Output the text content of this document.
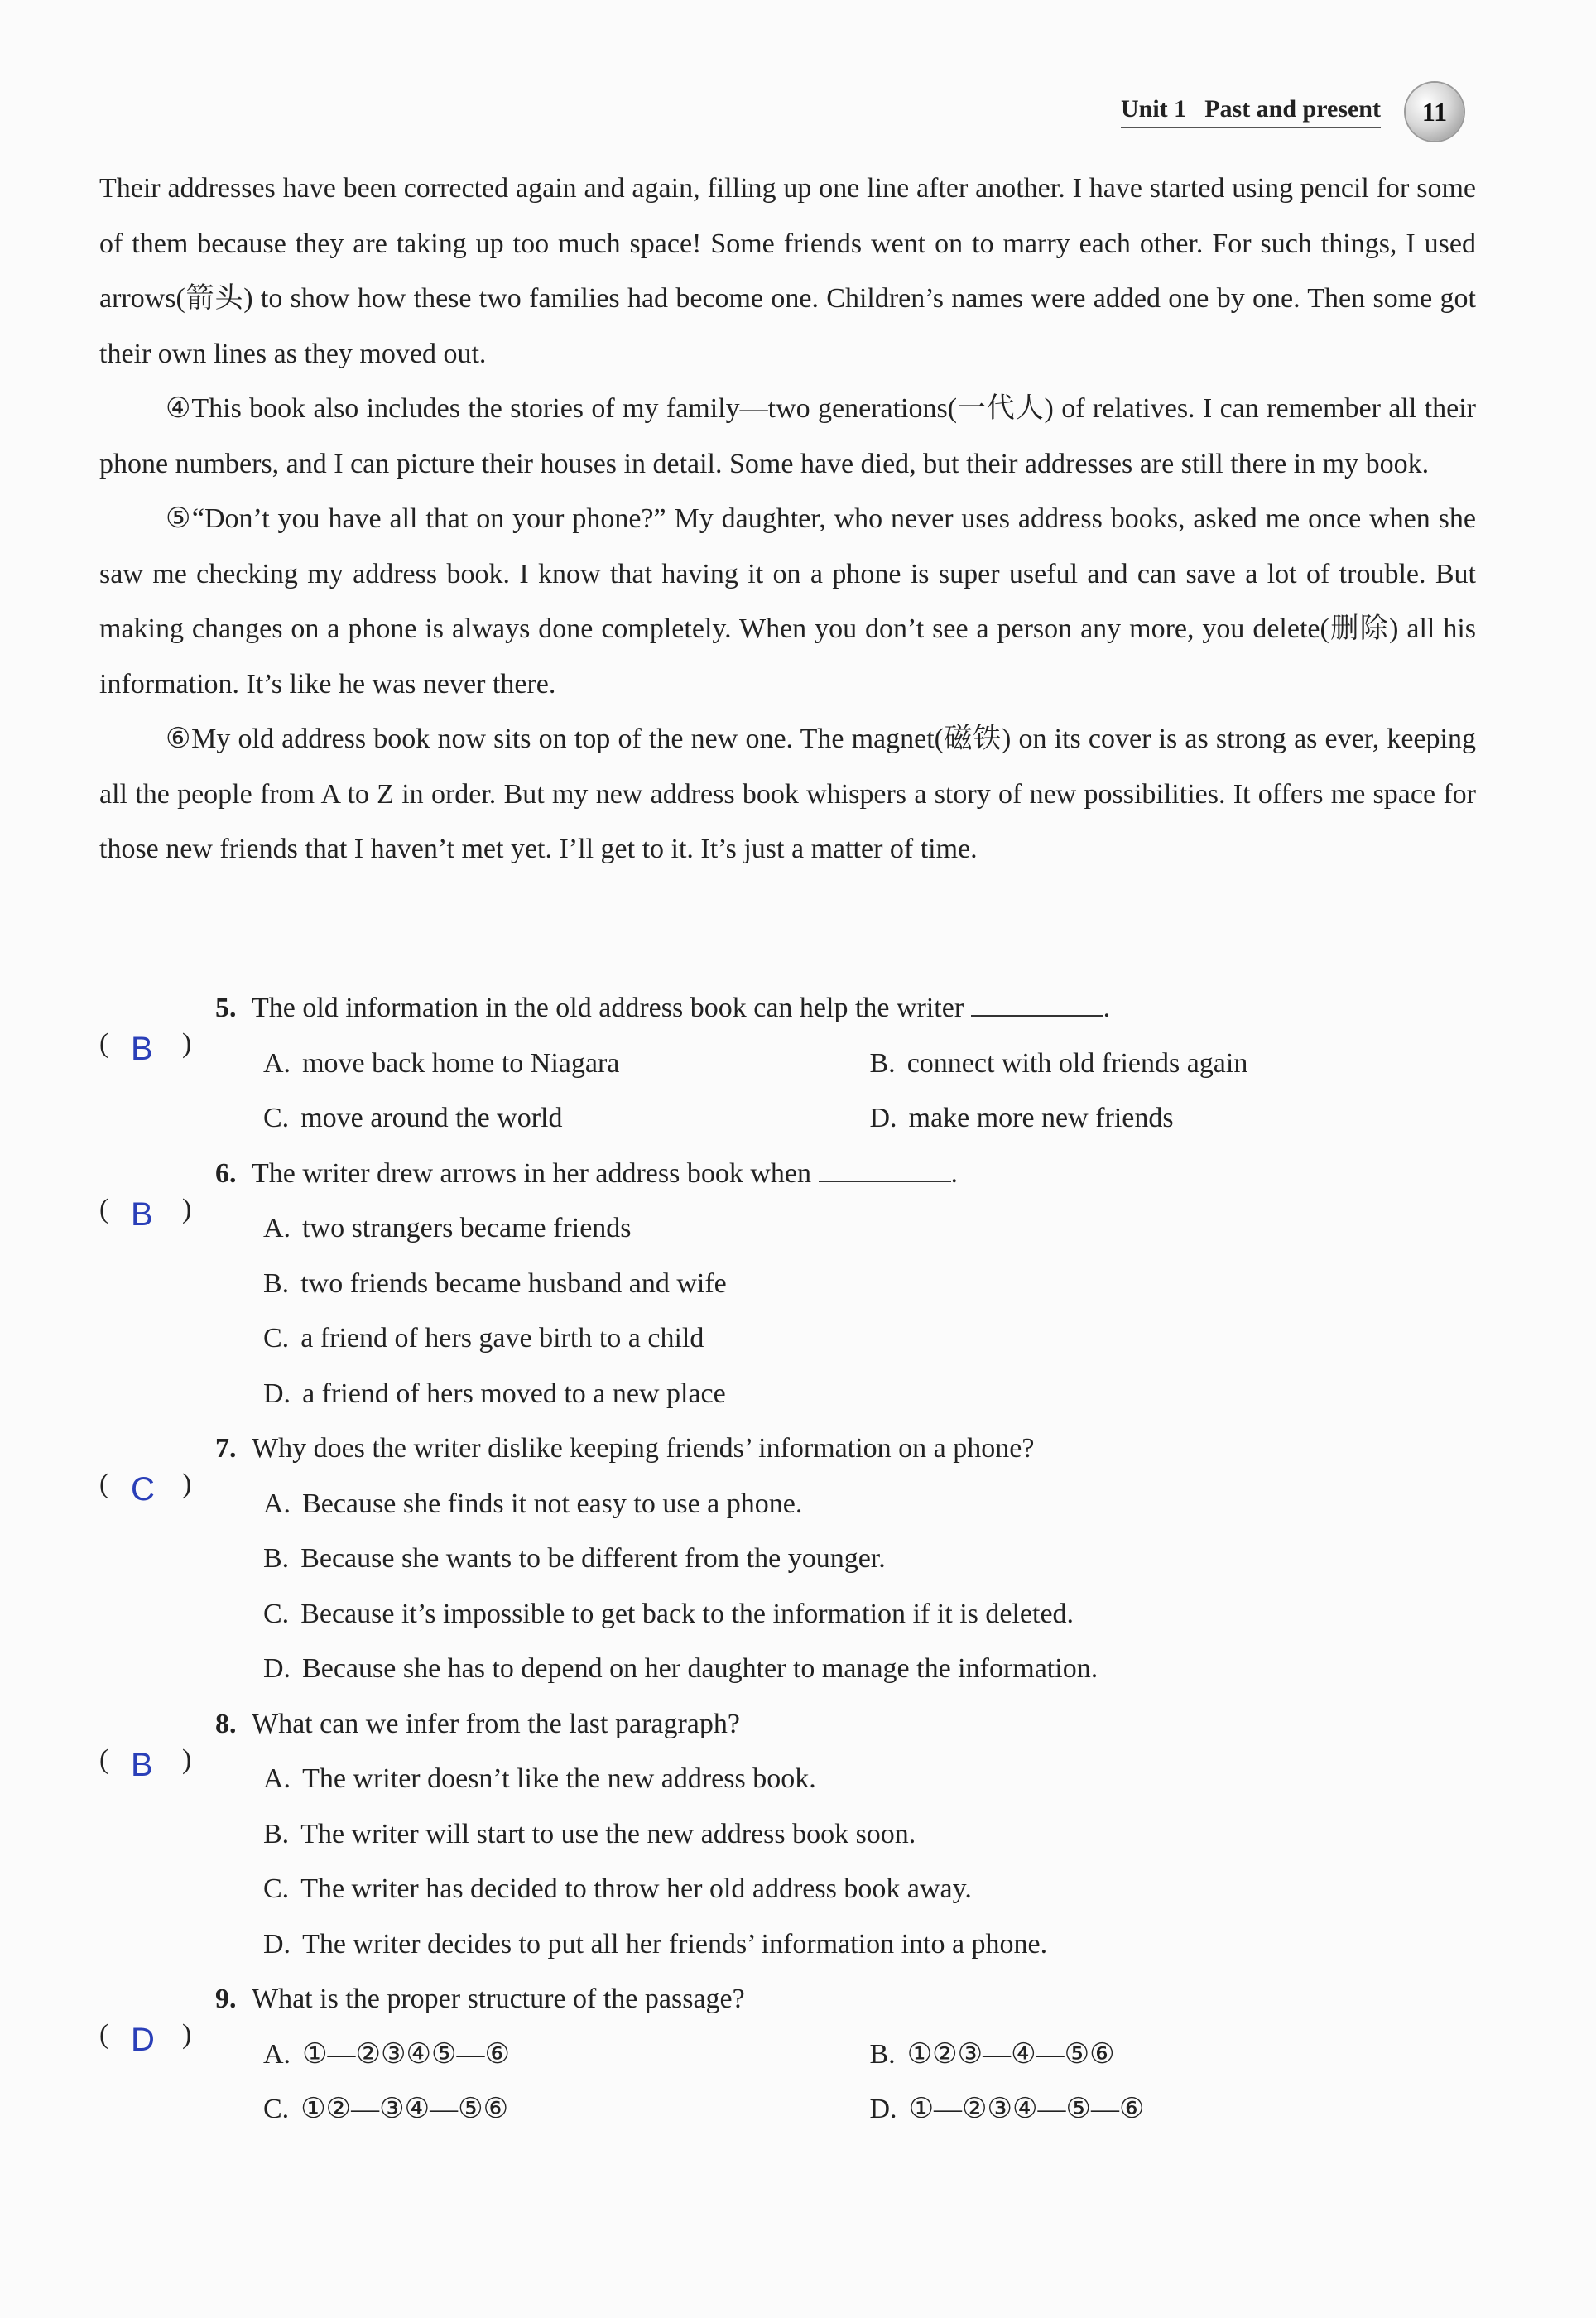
Unit 1 Past and present 11

Their addresses have been corrected again and again, filling up one line after another. I have started using pencil for some of them because they are taking up too much space! Some friends went on to marry each other. For such things, I used arrows(箭头) to show how these two families had become one. Children’s names were added one by one. Then some got their own lines as they moved out.

④This book also includes the stories of my family—two generations(一代人) of relatives. I can remember all their phone numbers, and I can picture their houses in detail. Some have died, but their addresses are still there in my book.

⑤“Don’t you have all that on your phone?” My daughter, who never uses address books, asked me once when she saw me checking my address book. I know that having it on a phone is super useful and can save a lot of trouble. But making changes on a phone is always done completely. When you don’t see a person any more, you delete(删除) all his information. It’s like he was never there.

⑥My old address book now sits on top of the new one. The magnet(磁铁) on its cover is as strong as ever, keeping all the people from A to Z in order. But my new address book whispers a story of new possibilities. It offers me space for those new friends that I haven’t met yet. I’ll get to it. It’s just a matter of time.

( B )
5. The old information in the old address book can help the writer	.
A. move back home to Niagara	B. connect with old friends again
C. move around the world	D. make more new friends
( B )
6. The writer drew arrows in her address book when	.
A. two strangers became friends
B. two friends became husband and wife
C. a friend of hers gave birth to a child
D. a friend of hers moved to a new place
( C )
7. Why does the writer dislike keeping friends’ information on a phone?
A. Because she finds it not easy to use a phone.
B. Because she wants to be different from the younger.
C. Because it’s impossible to get back to the information if it is deleted.
D. Because she has to depend on her daughter to manage the information.
( B )
8. What can we infer from the last paragraph?
A. The writer doesn’t like the new address book.
B. The writer will start to use the new address book soon.
C. The writer has decided to throw her old address book away.
D. The writer decides to put all her friends’ information into a phone.
( D )
9. What is the proper structure of the passage?
A. ①—②③④⑤—⑥	B. ①②③—④—⑤⑥
C. ①②—③④—⑤⑥	D. ①—②③④—⑤—⑥
